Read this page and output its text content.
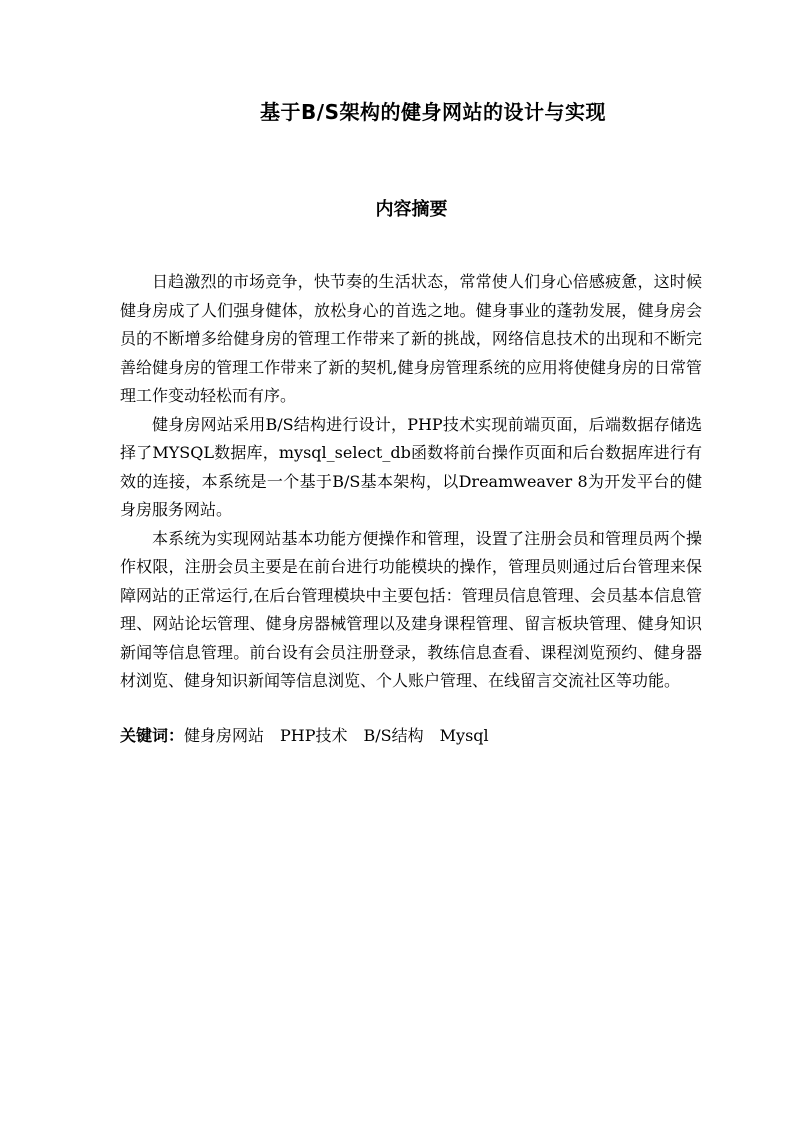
基于B/S架构的健身网站的设计与实现
内容摘要

日趋激烈的市场竞争，快节奏的生活状态，常常使人们身心倍感疲惫，这时候健身房成了人们强身健体，放松身心的首选之地。健身事业的蓬勃发展，健身房会员的不断增多给健身房的管理工作带来了新的挑战，网络信息技术的出现和不断完善给健身房的管理工作带来了新的契机,健身房管理系统的应用将使健身房的日常管理工作变动轻松而有序。

健身房网站采用B/S结构进行设计，PHP技术实现前端页面，后端数据存储选择了MYSQL数据库，mysql_select_db函数将前台操作页面和后台数据库进行有效的连接，本系统是一个基于B/S基本架构，以Dreamweaver 8为开发平台的健身房服务网站。

本系统为实现网站基本功能方便操作和管理，设置了注册会员和管理员两个操作权限，注册会员主要是在前台进行功能模块的操作，管理员则通过后台管理来保障网站的正常运行,在后台管理模块中主要包括：管理员信息管理、会员基本信息管理、网站论坛管理、健身房器械管理以及建身课程管理、留言板块管理、健身知识新闻等信息管理。前台设有会员注册登录，教练信息查看、课程浏览预约、健身器材浏览、健身知识新闻等信息浏览、个人账户管理、在线留言交流社区等功能。

关键词：健身房网站 PHP技术 B/S结构 Mysql
